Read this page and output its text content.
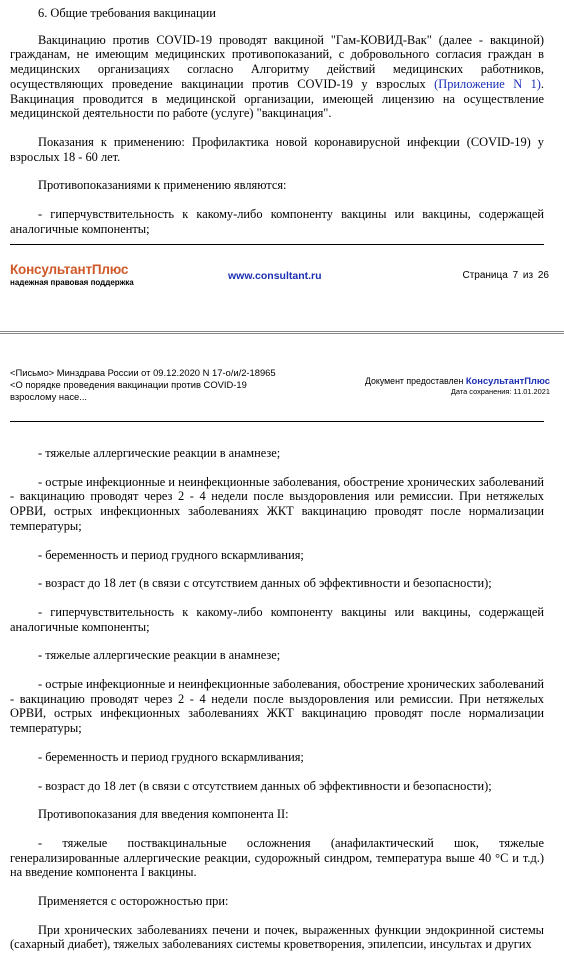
6. Общие требования вакцинации

Вакцинацию против COVID-19 проводят вакциной "Гам-КОВИД-Вак" (далее - вакциной) гражданам, не имеющим медицинских противопоказаний, с добровольного согласия граждан в медицинских организациях согласно Алгоритму действий медицинских работников, осуществляющих проведение вакцинации против COVID-19 у взрослых (Приложение N 1). Вакцинация проводится в медицинской организации, имеющей лицензию на осуществление медицинской деятельности по работе (услуге) "вакцинация".

Показания к применению: Профилактика новой коронавирусной инфекции (COVID-19) у взрослых 18 - 60 лет.

Противопоказаниями к применению являются:

- гиперчувствительность к какому-либо компоненту вакцины или вакцины, содержащей аналогичные компоненты;

КонсультантПлюс
надежная правовая поддержка
www.consultant.ru	Страница 7 из 26
<Письмо> Минздрава России от 09.12.2020 N 17-о/и/2-18965
<О порядке проведения вакцинации против COVID-19
взрослому насе...
Документ предоставлен КонсультантПлюс
Дата сохранения: 11.01.2021

- тяжелые аллергические реакции в анамнезе;

- острые инфекционные и неинфекционные заболевания, обострение хронических заболеваний - вакцинацию проводят через 2 - 4 недели после выздоровления или ремиссии. При нетяжелых ОРВИ, острых инфекционных заболеваниях ЖКТ вакцинацию проводят после нормализации температуры;

- беременность и период грудного вскармливания;

- возраст до 18 лет (в связи с отсутствием данных об эффективности и безопасности);

- гиперчувствительность к какому-либо компоненту вакцины или вакцины, содержащей аналогичные компоненты;

- тяжелые аллергические реакции в анамнезе;

- острые инфекционные и неинфекционные заболевания, обострение хронических заболеваний - вакцинацию проводят через 2 - 4 недели после выздоровления или ремиссии. При нетяжелых ОРВИ, острых инфекционных заболеваниях ЖКТ вакцинацию проводят после нормализации температуры;

- беременность и период грудного вскармливания;

- возраст до 18 лет (в связи с отсутствием данных об эффективности и безопасности);

Противопоказания для введения компонента II:

- тяжелые поствакцинальные осложнения (анафилактический шок, тяжелые генерализированные аллергические реакции, судорожный синдром, температура выше 40 °C и т.д.) на введение компонента I вакцины.

Применяется с осторожностью при:

При хронических заболеваниях печени и почек, выраженных функции эндокринной системы (сахарный диабет), тяжелых заболеваниях системы кроветворения, эпилепсии, инсультах и других
